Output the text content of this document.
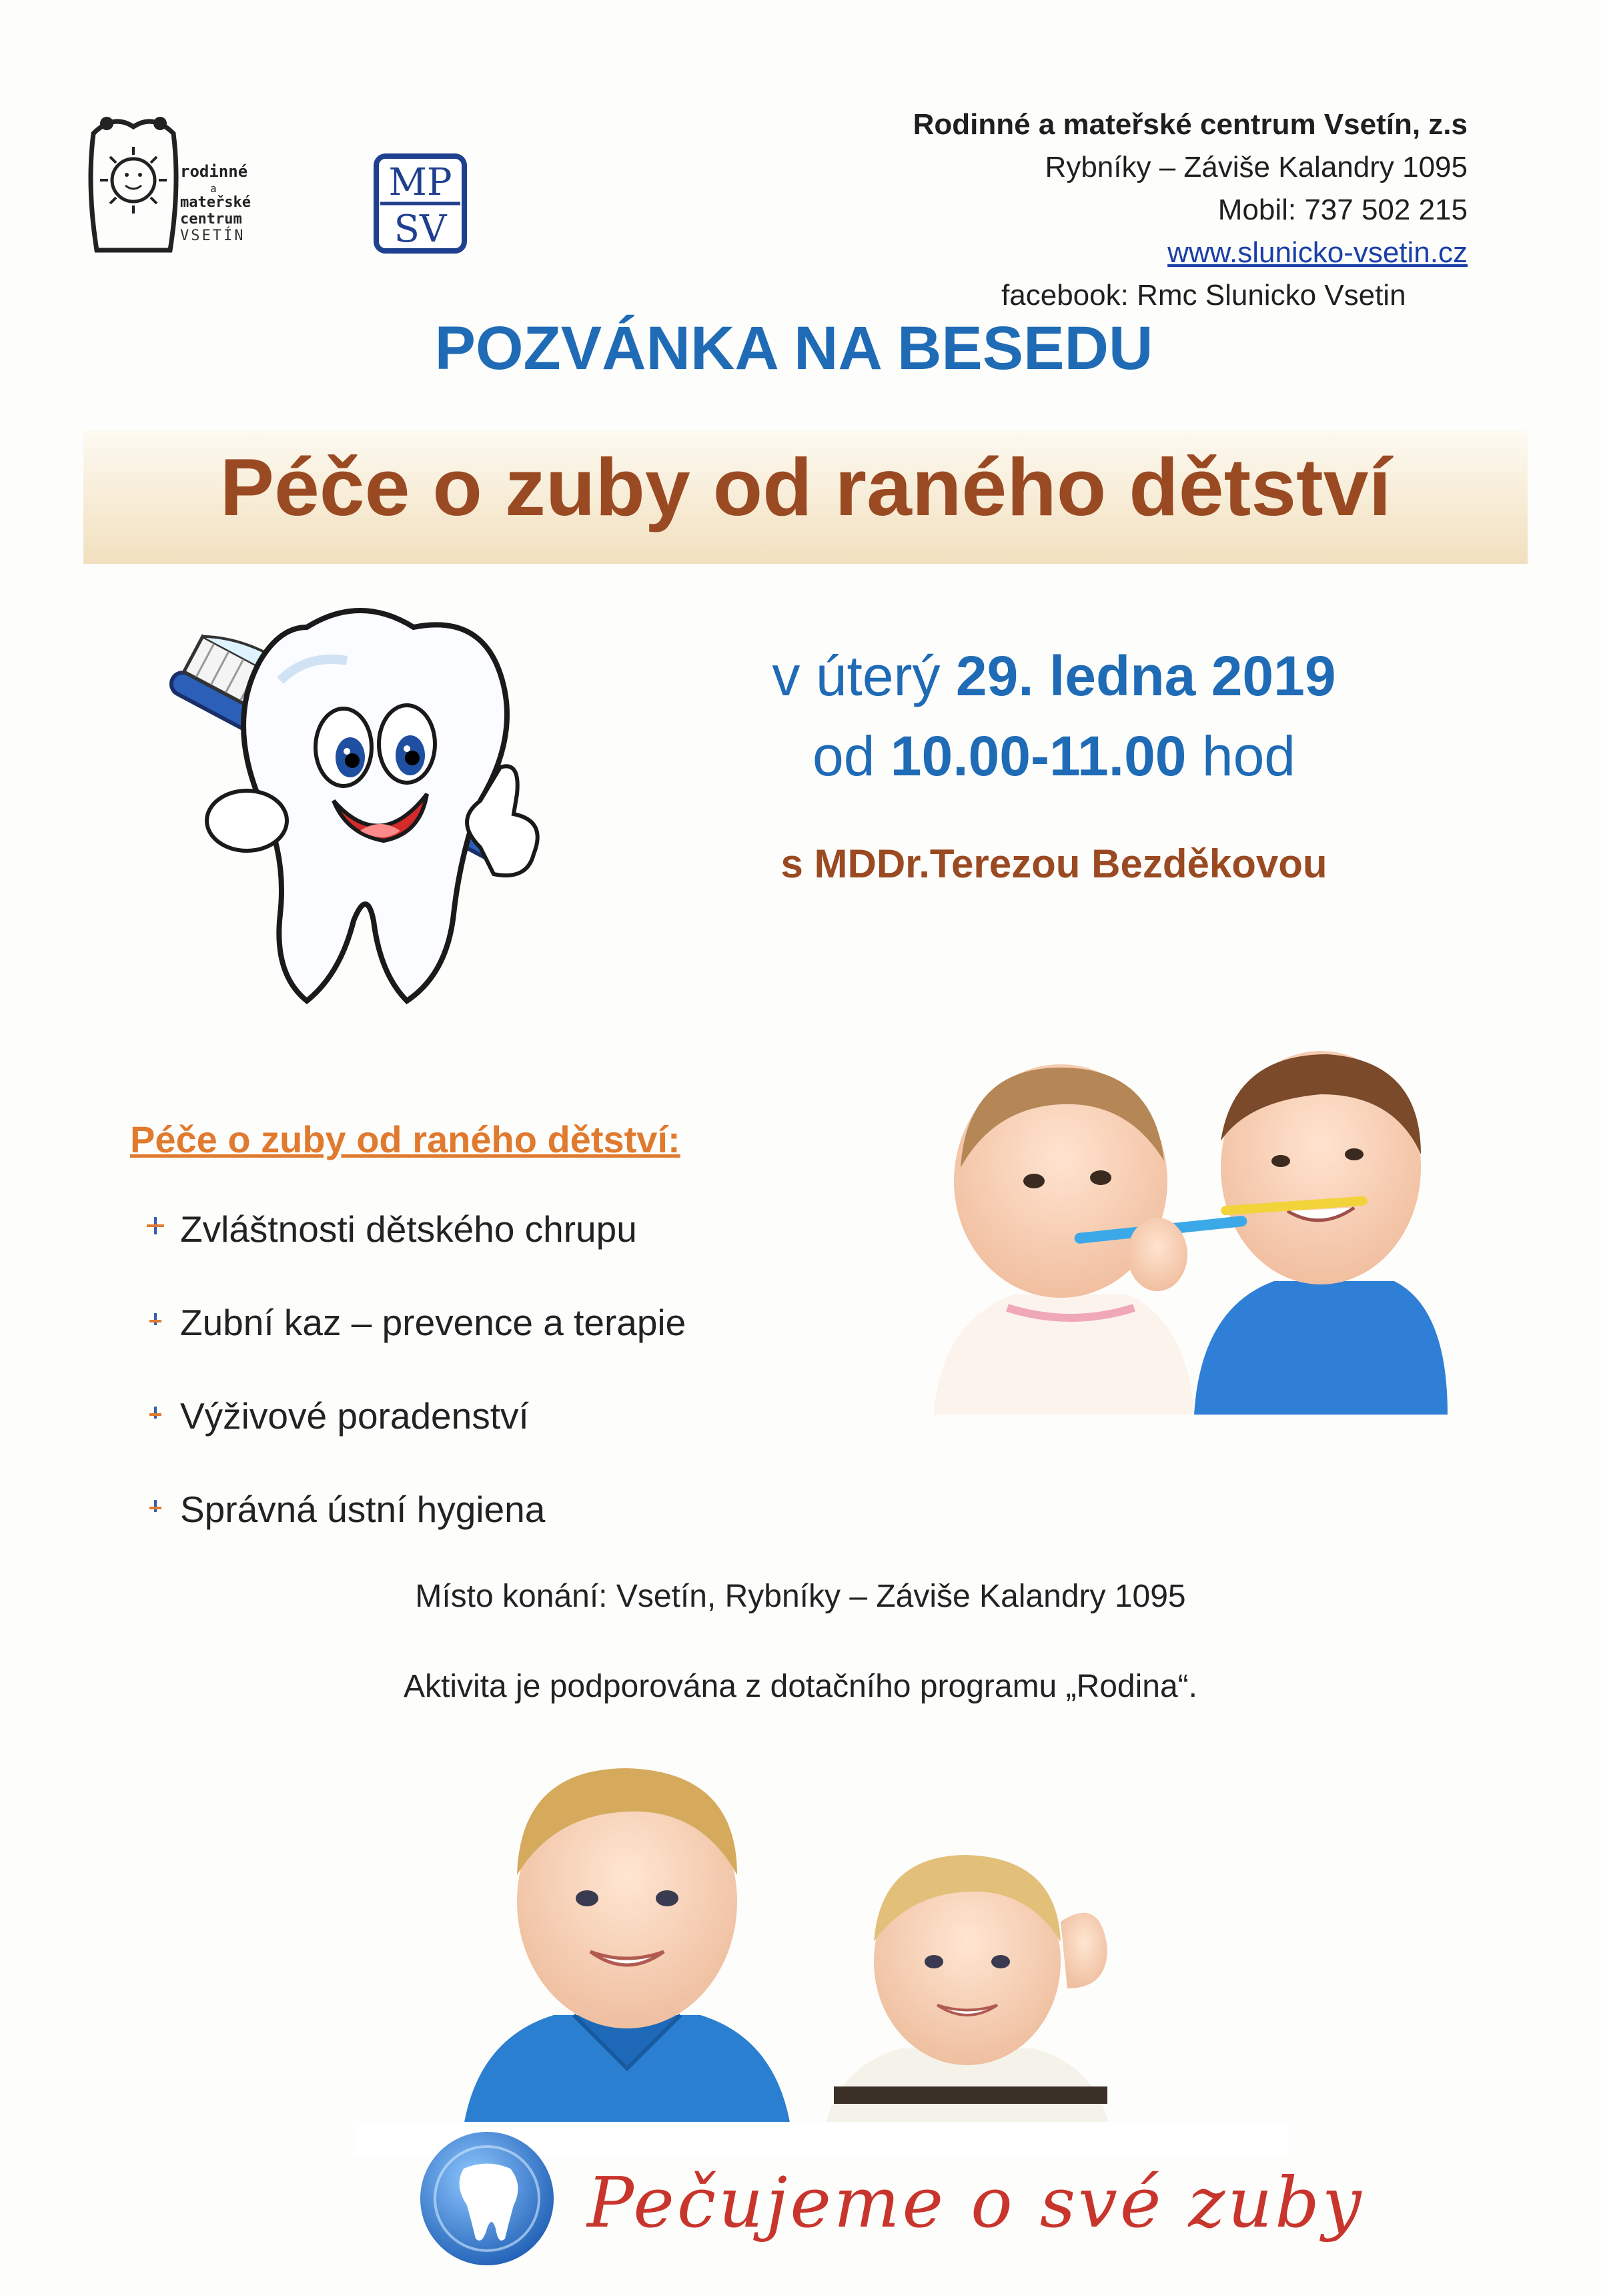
rodinné
a
mateřské
centrum
VSETÍN
MP
SV
Rodinné a mateřské centrum Vsetín, z.s
Rybníky – Záviše Kalandry 1095
Mobil: 737 502 215
www.slunicko-vsetin.cz
facebook: Rmc Slunicko Vsetin
POZVÁNKA NA BESEDU
Péče o zuby od raného dětství
v úterý 29. ledna 2019
od 10.00-11.00 hod
s MDDr.Terezou Bezděkovou
Péče o zuby od raného dětství:
Zvláštnosti dětského chrupu
Zubní kaz – prevence a terapie
Výživové poradenství
Správná ústní hygiena
Místo konání: Vsetín, Rybníky – Záviše Kalandry 1095
Aktivita je podporována z dotačního programu „Rodina“.
Pečujeme o své zuby
